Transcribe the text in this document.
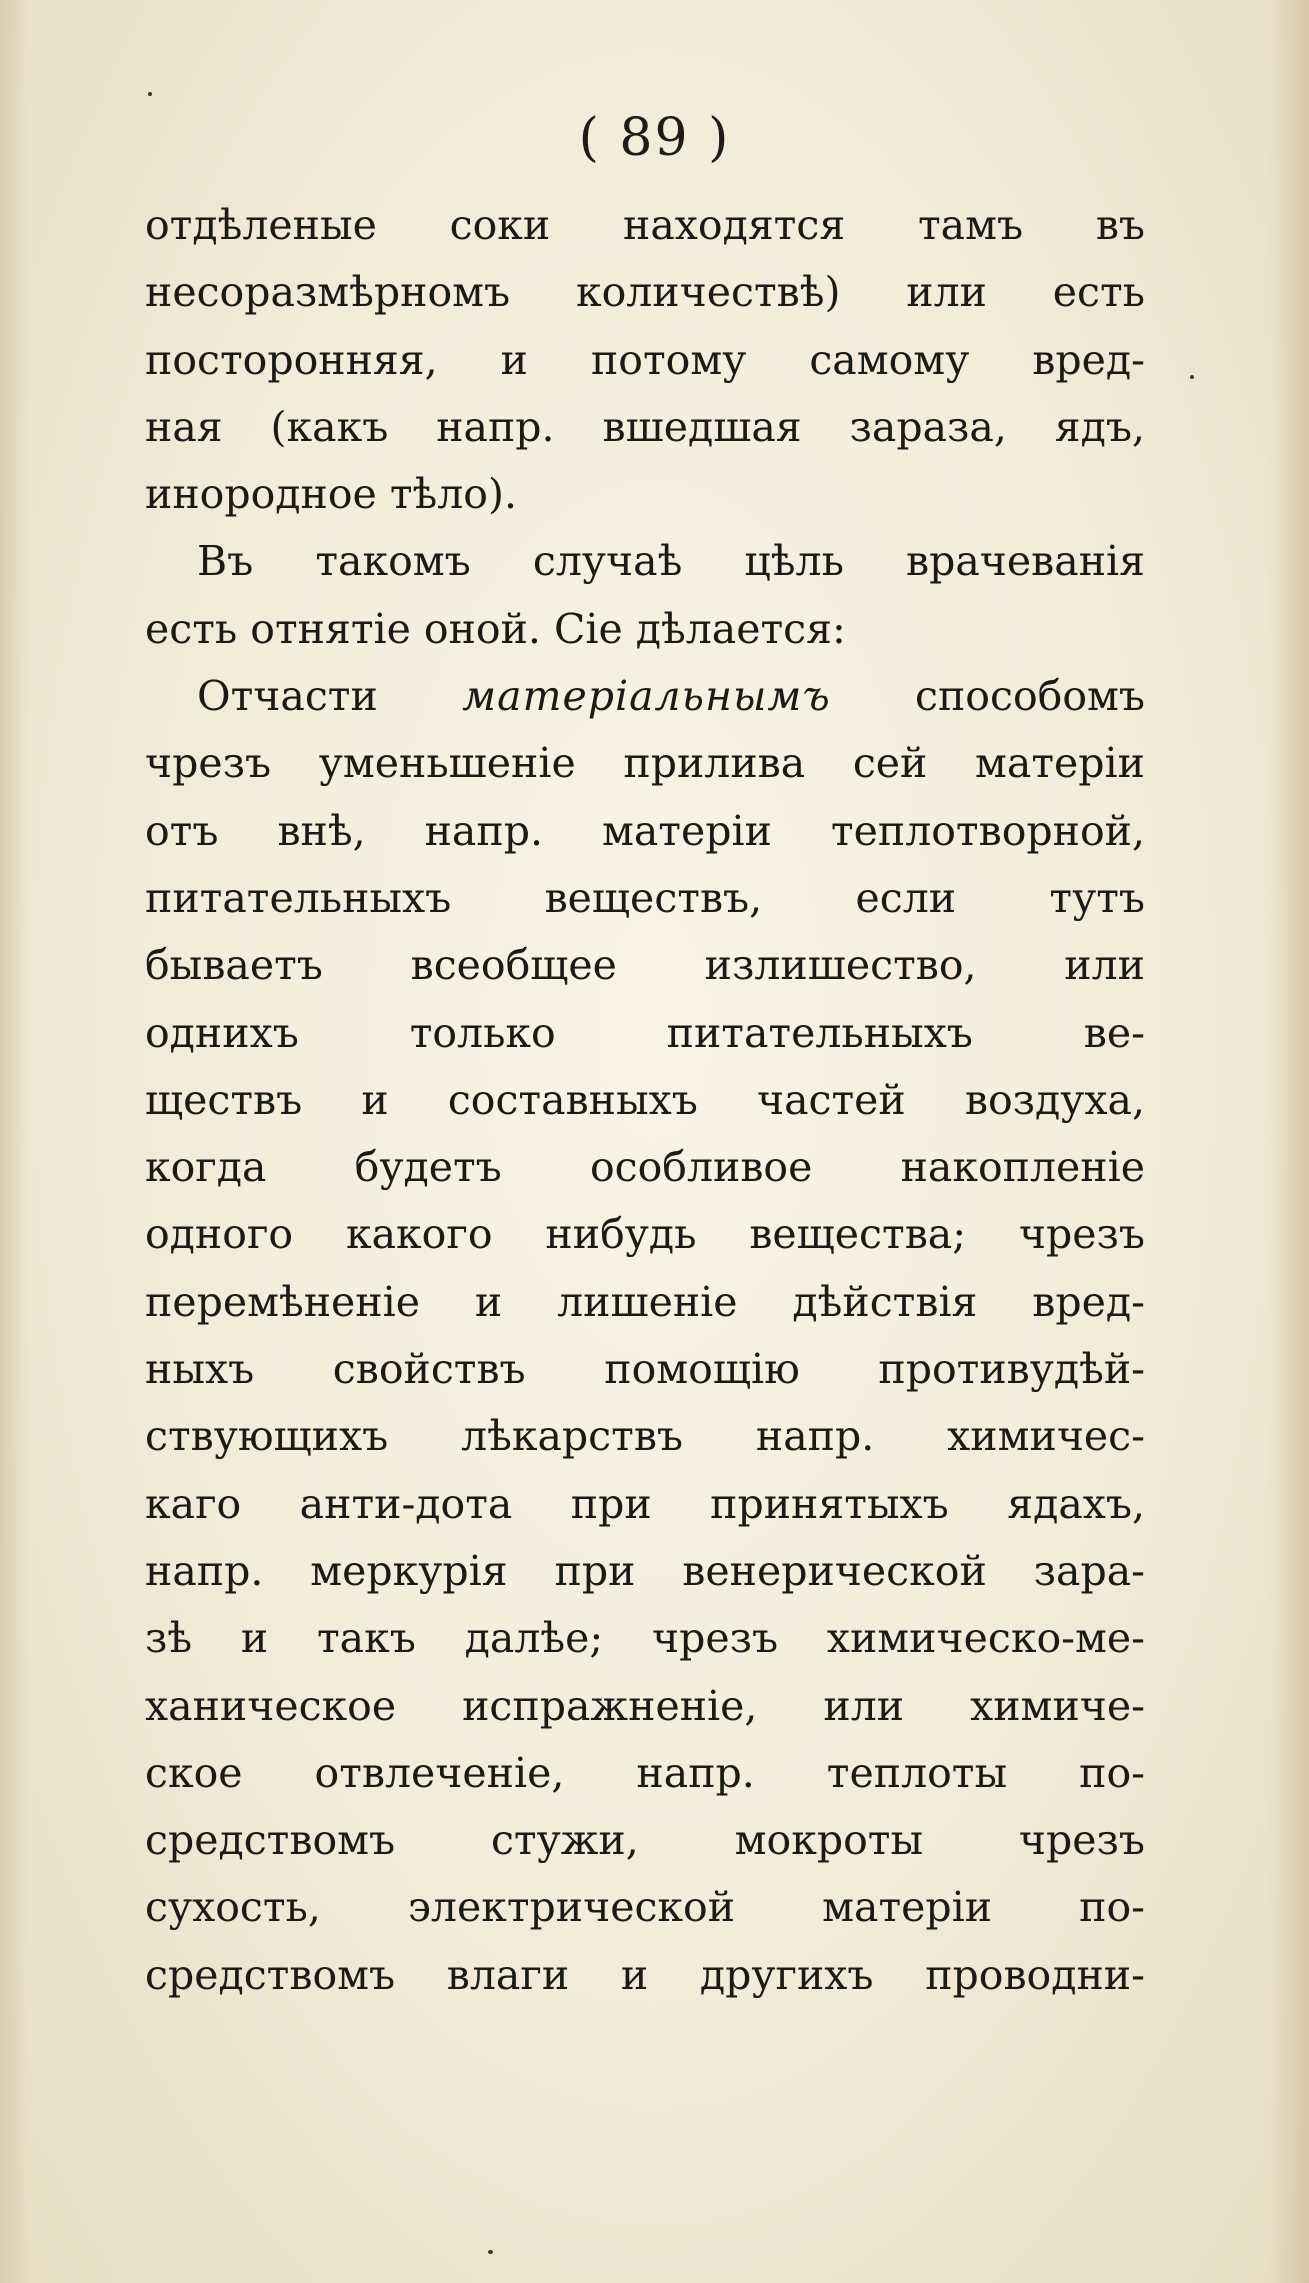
( 89 )
отдѣленые соки находятся тамъ въ
несоразмѣрномъ количествѣ) или есть
посторонняя, и потому самому вред-
ная (какъ напр. вшедшая зараза, ядъ,
инородное тѣло).
Въ такомъ случаѣ цѣль врачеванія
есть отнятіе оной. Сіе дѣлается:
Отчасти матеріальнымъ способомъ
чрезъ уменьшеніе прилива сей матеріи
отъ внѣ, напр. матеріи теплотворной,
питательныхъ веществъ, если тутъ
бываетъ всеобщее излишество, или
однихъ только питательныхъ ве-
ществъ и составныхъ частей воздуха,
когда будетъ особливое накопленіе
одного какого нибудь вещества; чрезъ
перемѣненіе и лишеніе дѣйствія вред-
ныхъ свойствъ помощію противудѣй-
ствующихъ лѣкарствъ напр. химичес-
каго анти-дота при принятыхъ ядахъ,
напр. меркурія при венерической зара-
зѣ и такъ далѣе; чрезъ химическо-ме-
ханическое испражненіе, или химиче-
ское отвлеченіе, напр. теплоты по-
средствомъ стужи, мокроты чрезъ
сухость, электрической матеріи по-
средствомъ влаги и другихъ проводни-
